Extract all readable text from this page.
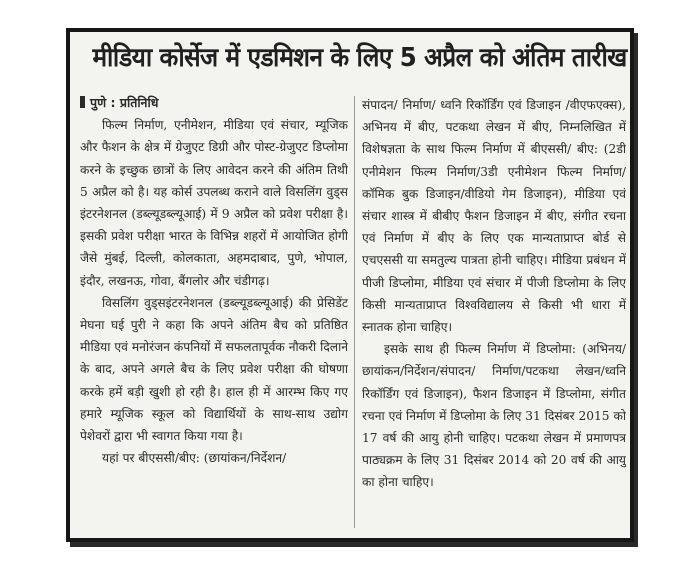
मीडिया कोर्सेज में एडमिशन के लिए 5 अप्रैल को अंतिम तारीख

पुणे : प्रतिनिधि

फिल्म निर्माण, एनीमेशन, मीडिया एवं संचार, म्यूजिक और फैशन के क्षेत्र में ग्रेजुएट डिग्री और पोस्ट-ग्रेजुएट डिप्लोमा करने के इच्छुक छात्रों के लिए आवेदन करने की अंतिम तिथी 5 अप्रैल को है। यह कोर्स उपलब्ध कराने वाले विसलिंग वुड्स इंटरनेशनल (डब्ल्यूडब्ल्यूआई) में 9 अप्रैल को प्रवेश परीक्षा है। इसकी प्रवेश परीक्षा भारत के विभिन्न शहरों में आयोजित होगी जैसे मुंबई, दिल्ली, कोलकाता, अहमदाबाद, पुणे, भोपाल, इंदौर, लखनऊ, गोवा, बैंगलोर और चंडीगढ़।

विसलिंग वुड्सइंटरनेशनल (डब्ल्यूडब्ल्यूआई) की प्रेसिडेंट मेघना घई पुरी ने कहा कि अपने अंतिम बैच को प्रतिष्ठित मीडिया एवं मनोरंजन कंपनियों में सफलतापूर्वक नौकरी दिलाने के बाद, अपने अगले बैच के लिए प्रवेश परीक्षा की घोषणा करके हमें बड़ी खुशी हो रही है। हाल ही में आरम्भ किए गए हमारे म्यूजिक स्कूल को विद्यार्थियों के साथ-साथ उद्योग पेशेवरों द्वारा भी स्वागत किया गया है।

यहां पर बीएससी/बीए: (छायांकन/निर्देशन/

संपादन/ निर्माण/ ध्वनि रिकॉर्डिंग एवं डिजाइन /वीएफएक्स), अभिनय में बीए, पटकथा लेखन में बीए, निम्नलिखित में विशेषज्ञता के साथ फिल्म निर्माण में बीएससी/ बीए: (2डी एनीमेशन फिल्म निर्माण/3डी एनीमेशन फिल्म निर्माण/कॉमिक बुक डिजाइन/वीडियो गेम डिजाइन), मीडिया एवं संचार शास्त्र में बीबीए फैशन डिजाइन में बीए, संगीत रचना एवं निर्माण में बीए के लिए एक मान्यताप्राप्त बोर्ड से एचएससी या समतुल्य पात्रता होनी चाहिए। मीडिया प्रबंधन में पीजी डिप्लोमा, मीडिया एवं संचार में पीजी डिप्लोमा के लिए किसी मान्यताप्राप्त विश्वविद्यालय से किसी भी धारा में स्नातक होना चाहिए।

इसके साथ ही फिल्म निर्माण में डिप्लोमा: (अभिनय/छायांकन/निर्देशन/संपादन/ निर्माण/पटकथा लेखन/ध्वनि रिकॉर्डिंग एवं डिजाइन), फैशन डिजाइन में डिप्लोमा, संगीत रचना एवं निर्माण में डिप्लोमा के लिए 31 दिसंबर 2015 को 17 वर्ष की आयु होनी चाहिए। पटकथा लेखन में प्रमाणपत्र पाठ्यक्रम के लिए 31 दिसंबर 2014 को 20 वर्ष की आयु का होना चाहिए।
